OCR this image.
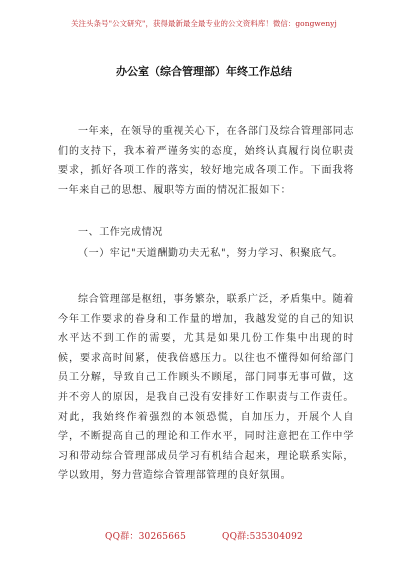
关注头条号"公文研究"，获得最新最全最专业的公文资料库！微信：gongwenyj
办公室（综合管理部）年终工作总结

一年来，在领导的重视关心下，在各部门及综合管理部同志们的支持下，我本着严谨务实的态度，始终认真履行岗位职责要求，抓好各项工作的落实，较好地完成各项工作。下面我将一年来自己的思想、履职等方面的情况汇报如下：

一、工作完成情况

（一）牢记"天道酬勤功夫无私"，努力学习、积聚底气。

综合管理部是枢纽，事务繁杂，联系广泛，矛盾集中。随着今年工作要求的眷身和工作量的增加，我越发觉的自己的知识水平达不到工作的需要，尤其是如果几份工作集中出现的时候，要求高时间紧，使我倍感压力。以往也不懂得如何给部门员工分解，导致自己工作顾头不顾尾，部门同事无事可做，这并不旁人的原因，是我自己没有安排好工作职责与工作责任。对此，我始终作着强烈的本领恐慌，自加压力，开展个人自学，不断提高自己的理论和工作水平，同时注意把在工作中学习和带动综合管理部成员学习有机结合起来，理论联系实际，学以致用，努力营造综合管理部管理的良好氛围。

QQ群：30265665	QQ群:535304092
